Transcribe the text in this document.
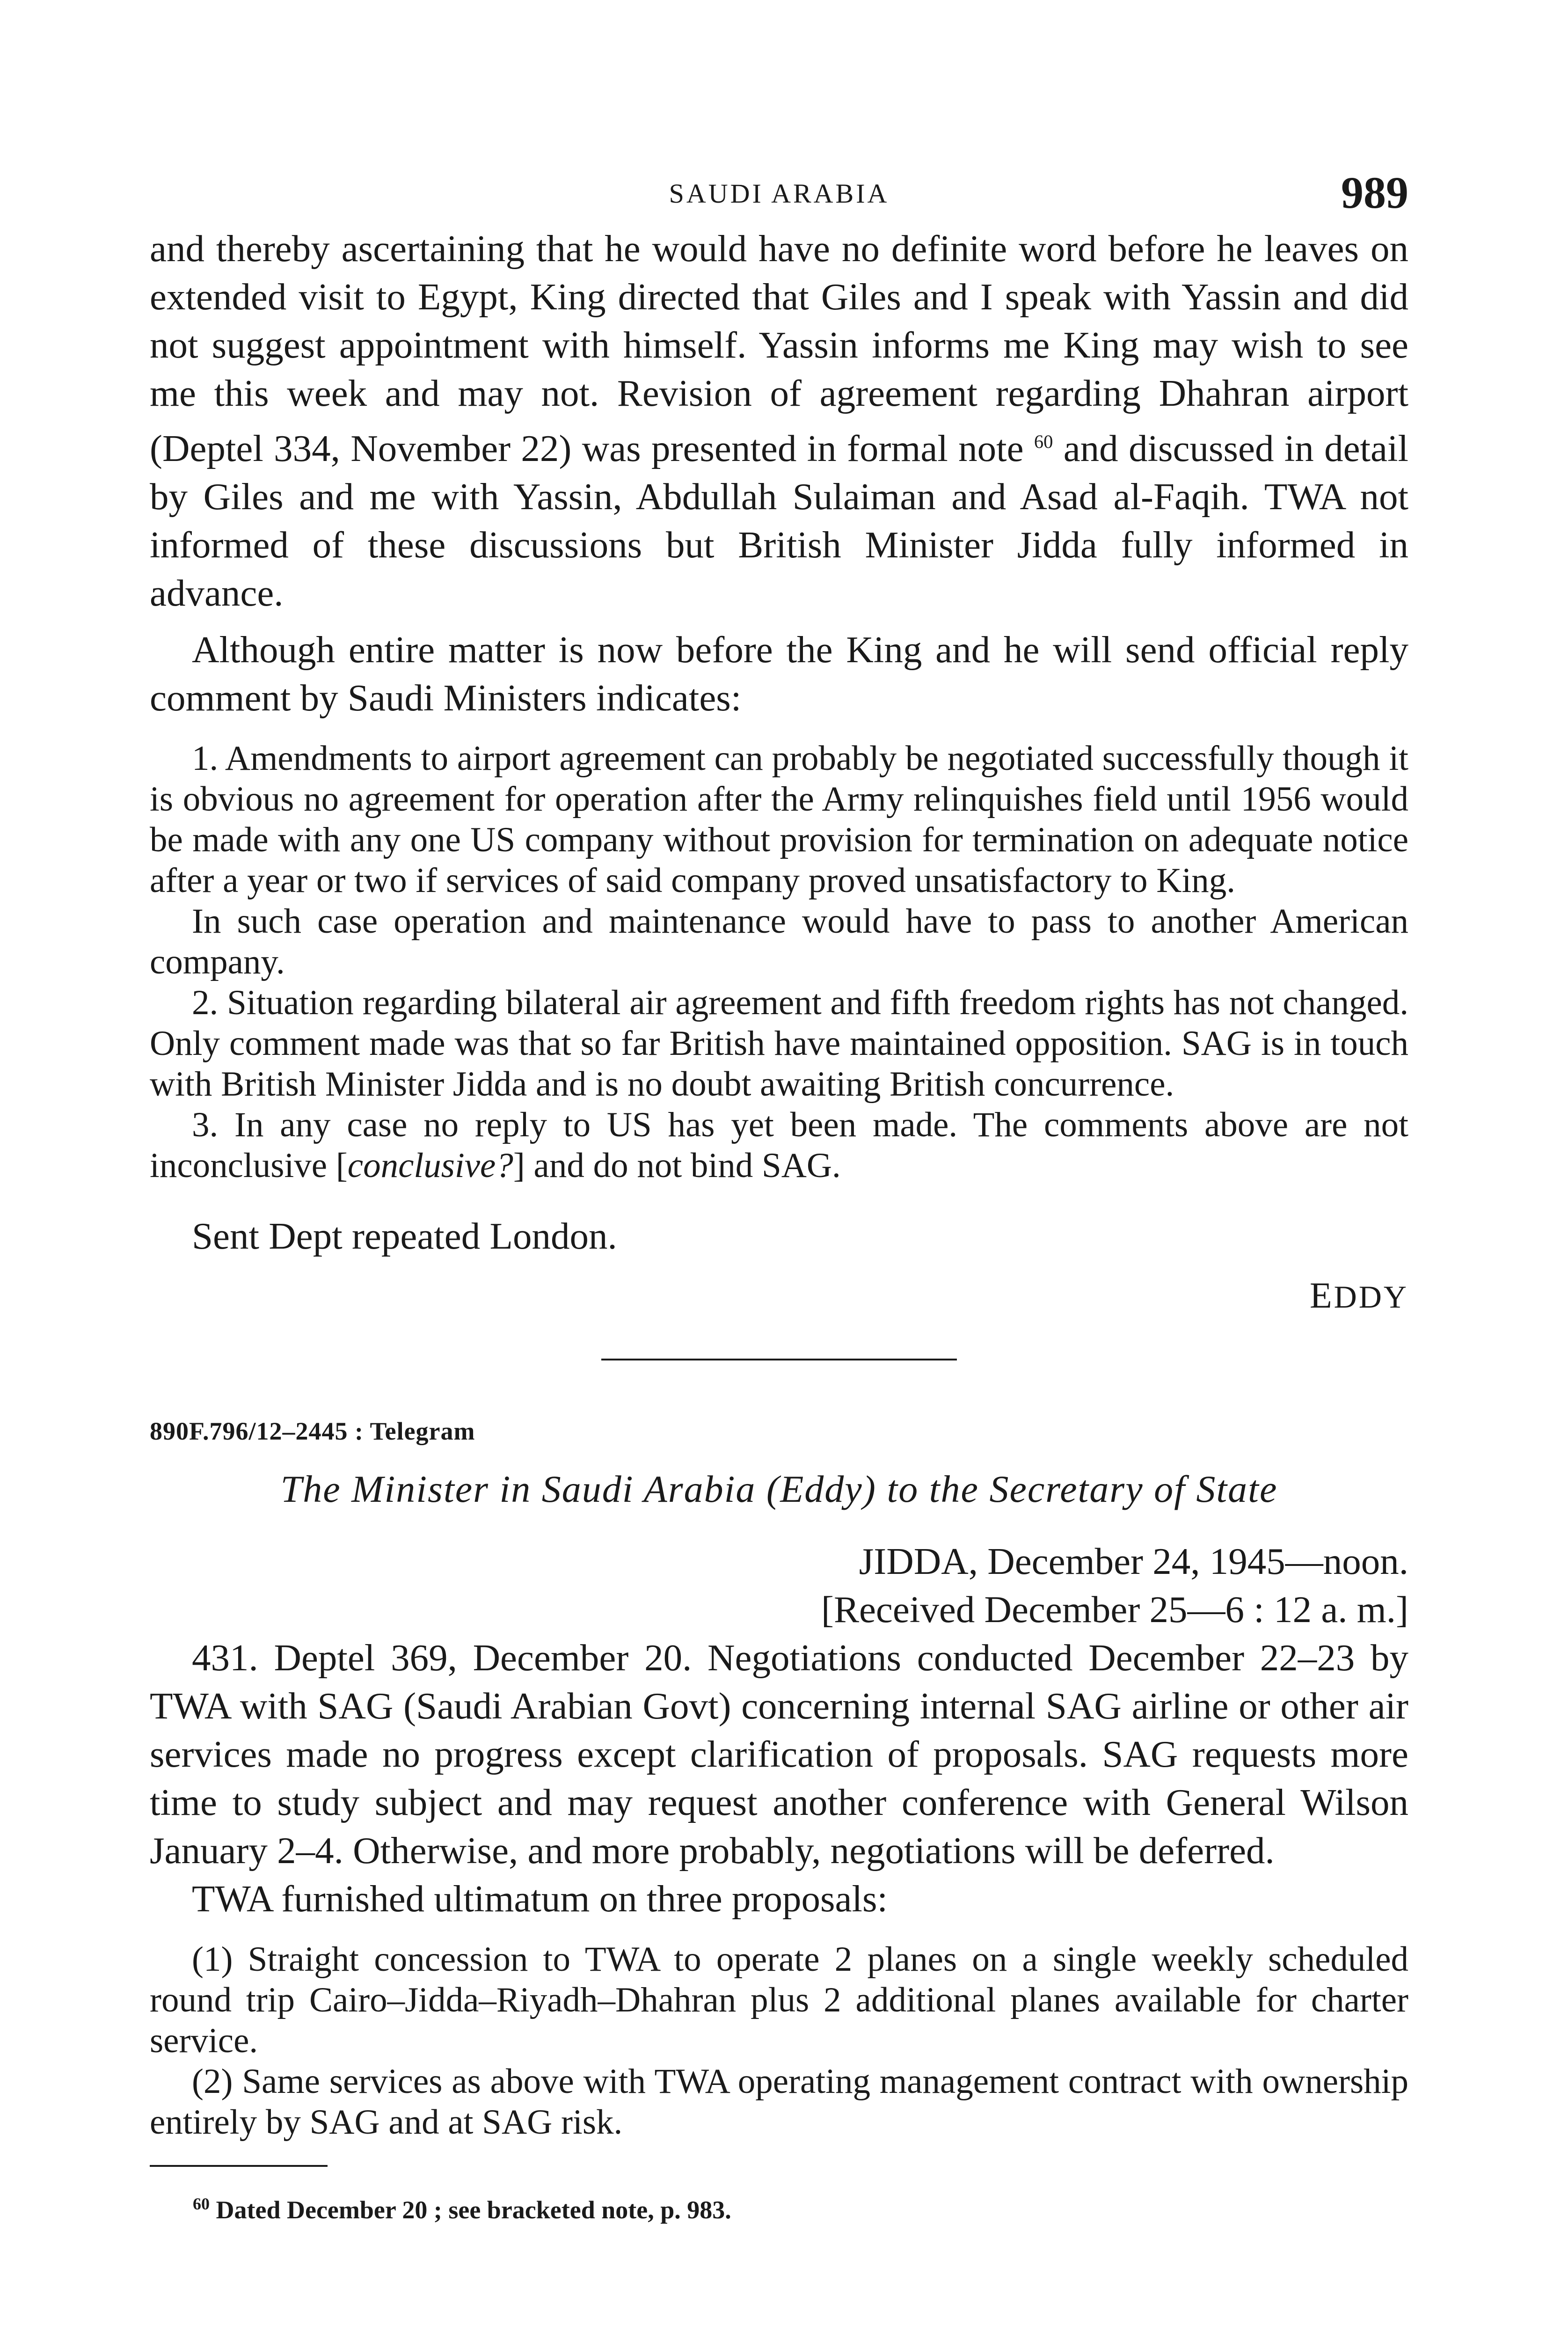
SAUDI ARABIA	989

and thereby ascertaining that he would have no definite word before he leaves on extended visit to Egypt, King directed that Giles and I speak with Yassin and did not suggest appointment with himself. Yassin informs me King may wish to see me this week and may not. Revision of agreement regarding Dhahran airport (Deptel 334, November 22) was presented in formal note $^{60}$ and discussed in detail by Giles and me with Yassin, Abdullah Sulaiman and Asad al-Faqih. TWA not informed of these discussions but British Minister Jidda fully informed in advance.

Although entire matter is now before the King and he will send official reply comment by Saudi Ministers indicates:

1. Amendments to airport agreement can probably be negotiated successfully though it is obvious no agreement for operation after the Army relinquishes field until 1956 would be made with any one US company without provision for termination on adequate notice after a year or two if services of said company proved unsatisfactory to King.

In such case operation and maintenance would have to pass to another American company.

2. Situation regarding bilateral air agreement and fifth freedom rights has not changed. Only comment made was that so far British have maintained opposition. SAG is in touch with British Minister Jidda and is no doubt awaiting British concurrence.

3. In any case no reply to US has yet been made. The comments above are not inconclusive [conclusive?] and do not bind SAG.

Sent Dept repeated London.

EDDY
890F.796/12–2445 : Telegram
The Minister in Saudi Arabia (Eddy) to the Secretary of State
JIDDA, December 24, 1945—noon.
[Received December 25—6 : 12 a. m.]

431. Deptel 369, December 20. Negotiations conducted December 22–23 by TWA with SAG (Saudi Arabian Govt) concerning internal SAG airline or other air services made no progress except clarification of proposals. SAG requests more time to study subject and may request another conference with General Wilson January 2–4. Otherwise, and more probably, negotiations will be deferred.

TWA furnished ultimatum on three proposals:

(1) Straight concession to TWA to operate 2 planes on a single weekly scheduled round trip Cairo–Jidda–Riyadh–Dhahran plus 2 additional planes available for charter service.

(2) Same services as above with TWA operating management contract with ownership entirely by SAG and at SAG risk.

$^{60}$ Dated December 20 ; see bracketed note, p. 983.
